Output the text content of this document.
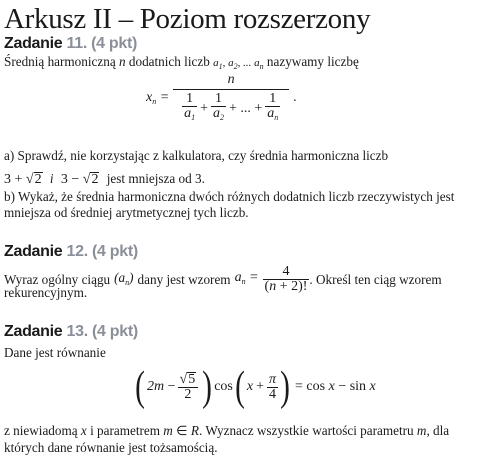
Arkusz II – Poziom rozszerzony
Zadanie 11. (4 pkt)
Średnią harmoniczną n dodatnich liczb $a_1$, $a_2$, ... $a_n$ nazywamy liczbę
$x_n = \frac{n}{\frac{1}{a_1} + \frac{1}{a_2} + ... + \frac{1}{a_n}}$ .
a) Sprawdź, nie korzystając z kalkulatora, czy średnia harmoniczna liczb
3 + √2 i 3 − √2 jest mniejsza od 3.
b) Wykaż, że średnia harmoniczna dwóch różnych dodatnich liczb rzeczywistych jest
mniejsza od średniej arytmetycznej tych liczb.
Zadanie 12. (4 pkt)
Wyraz ogólny ciągu $(a_n)$ dany jest wzorem $a_n = \frac{4}{(n + 2)!}$ . Określ ten ciąg wzorem
rekurencyjnym.
Zadanie 13. (4 pkt)
Dane jest równanie
( $2m - \frac{√5}{2}$ ) cos ( $x + \frac{\pi}{4}$ ) = cos x − sin x
z niewiadomą x i parametrem m ∈ R. Wyznacz wszystkie wartości parametru m, dla
których dane równanie jest tożsamością.
